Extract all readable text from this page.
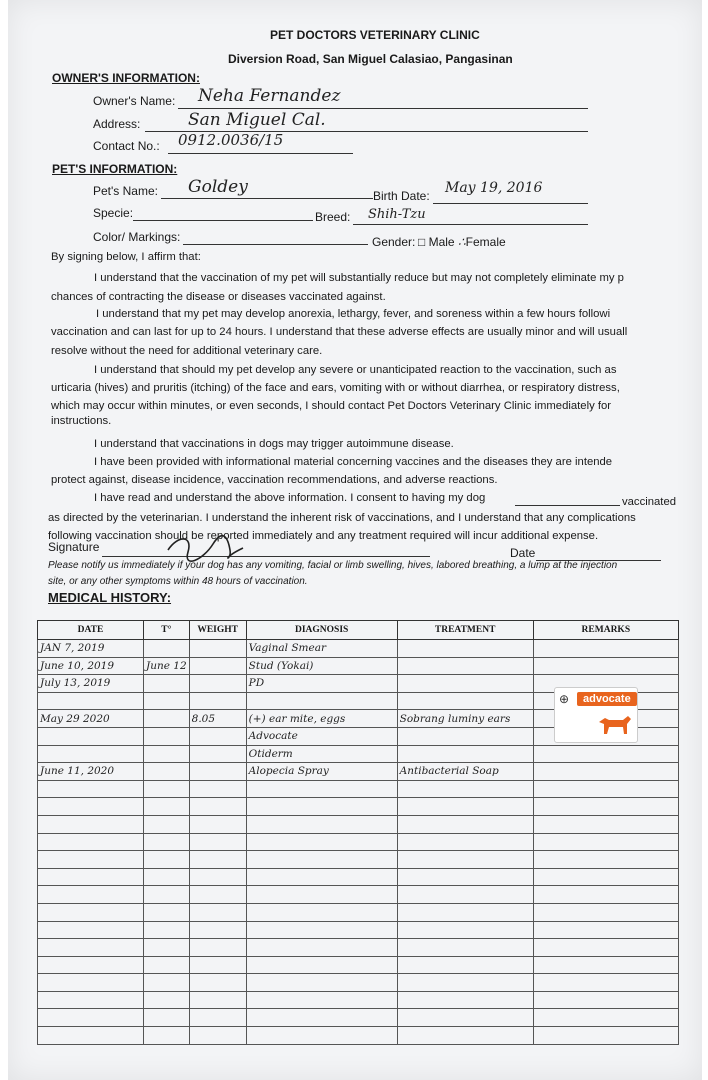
PET DOCTORS VETERINARY CLINIC
Diversion Road, San Miguel Calasiao, Pangasinan
OWNER'S INFORMATION:
Owner's Name: Neha Fernandez
Address:	San Miguel Cal.
Contact No.: 0912.0036/15
PET'S INFORMATION:
Pet's Name: Goldey	Birth Date: May 19, 2016
Specie:	Breed: Shih-Tzu
Color/ Markings:	Gender: □ Male ∴Female
By signing below, I affirm that:
I understand that the vaccination of my pet will substantially reduce but may not completely eliminate my p
chances of contracting the disease or diseases vaccinated against.
I understand that my pet may develop anorexia, lethargy, fever, and soreness within a few hours followi
vaccination and can last for up to 24 hours. I understand that these adverse effects are usually minor and will usuall
resolve without the need for additional veterinary care.
I understand that should my pet develop any severe or unanticipated reaction to the vaccination, such as
urticaria (hives) and pruritis (itching) of the face and ears, vomiting with or without diarrhea, or respiratory distress,
which may occur within minutes, or even seconds, I should contact Pet Doctors Veterinary Clinic immediately for
instructions.
I understand that vaccinations in dogs may trigger autoimmune disease.
I have been provided with informational material concerning vaccines and the diseases they are intende
protect against, disease incidence, vaccination recommendations, and adverse reactions.
I have read and understand the above information. I consent to having my dog	vaccinated
as directed by the veterinarian. I understand the inherent risk of vaccinations, and I understand that any complications
following vaccination should be reported immediately and any treatment required will incur additional expense.
Signature	Date
Please notify us immediately if your dog has any vomiting, facial or limb swelling, hives, labored breathing, a lump at the injection
site, or any other symptoms within 48 hours of vaccination.
MEDICAL HISTORY:
DATE	T°	WEIGHT	DIAGNOSIS	TREATMENT	REMARKS
JAN 7, 2019			Vaginal Smear		
June 10, 2019	June 12		Stud (Yokai)		
July 13, 2019			PD		

May 29 2020		8.05	(+) ear mite, eggs	Sobrang luminy ears	
			Advocate		
			Otiderm		
June 11, 2020			Alopecia Spray	Antibacterial Soap	

⊕	advocate
